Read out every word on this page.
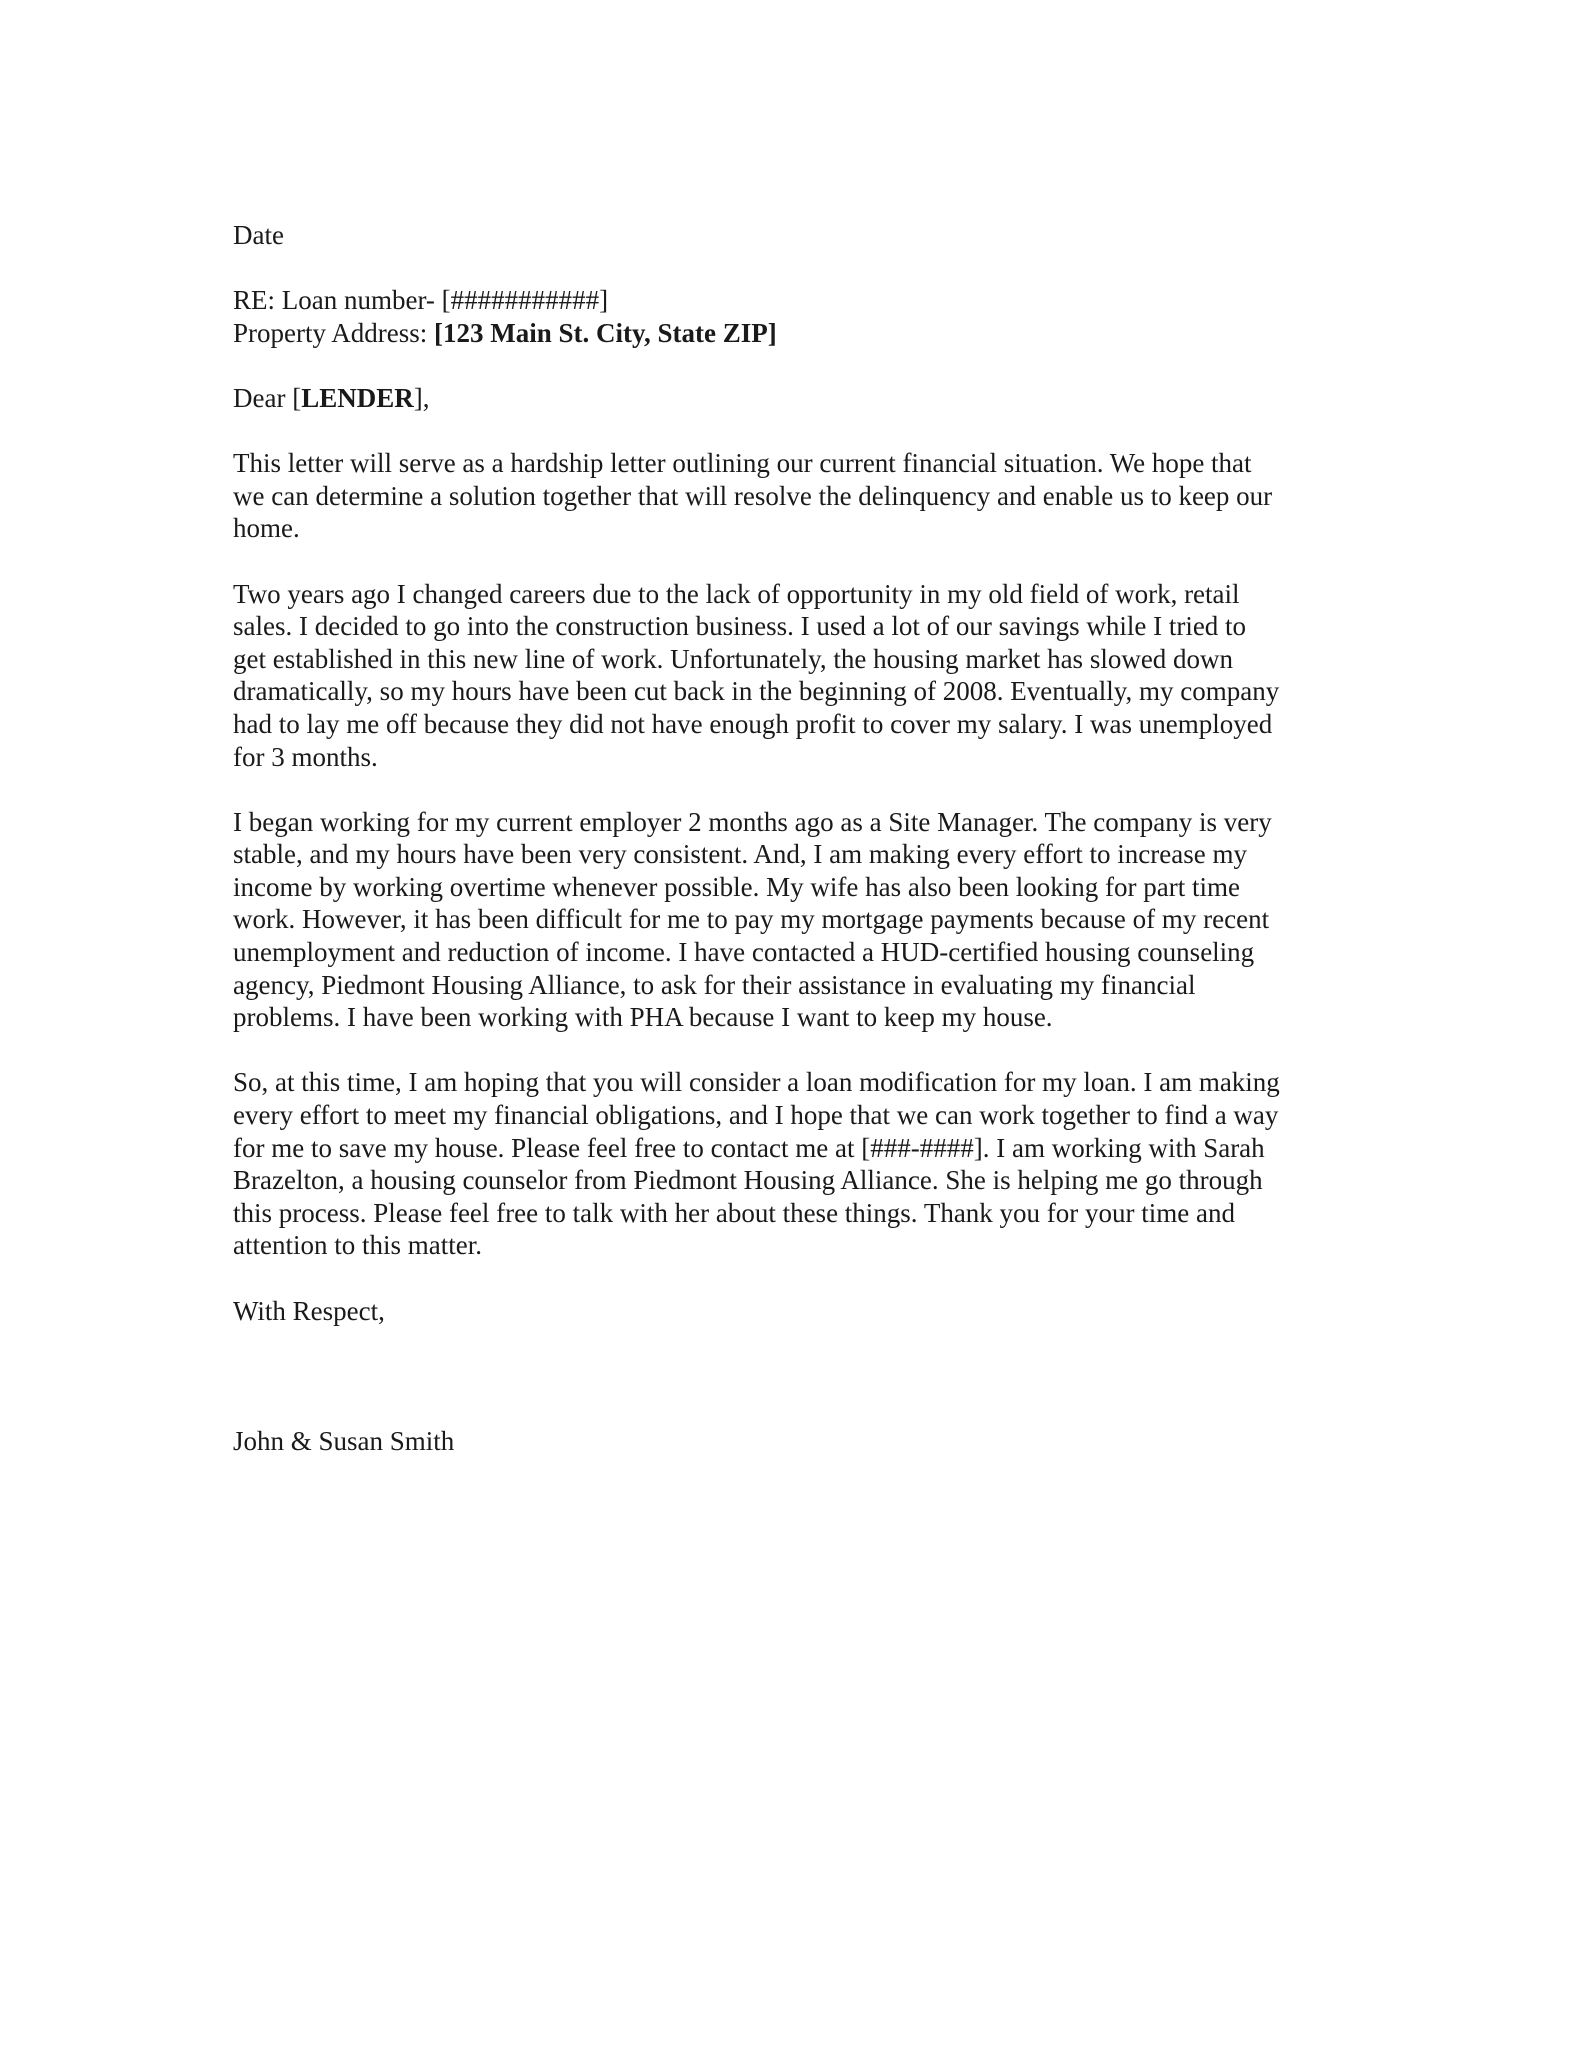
Date
RE: Loan number- [###########]
Property Address: [123 Main St. City, State ZIP]
Dear [LENDER],
This letter will serve as a hardship letter outlining our current financial situation. We hope that
we can determine a solution together that will resolve the delinquency and enable us to keep our
home.
Two years ago I changed careers due to the lack of opportunity in my old field of work, retail
sales. I decided to go into the construction business. I used a lot of our savings while I tried to
get established in this new line of work. Unfortunately, the housing market has slowed down
dramatically, so my hours have been cut back in the beginning of 2008. Eventually, my company
had to lay me off because they did not have enough profit to cover my salary. I was unemployed
for 3 months.
I began working for my current employer 2 months ago as a Site Manager. The company is very
stable, and my hours have been very consistent. And, I am making every effort to increase my
income by working overtime whenever possible. My wife has also been looking for part time
work. However, it has been difficult for me to pay my mortgage payments because of my recent
unemployment and reduction of income. I have contacted a HUD-certified housing counseling
agency, Piedmont Housing Alliance, to ask for their assistance in evaluating my financial
problems. I have been working with PHA because I want to keep my house.
So, at this time, I am hoping that you will consider a loan modification for my loan. I am making
every effort to meet my financial obligations, and I hope that we can work together to find a way
for me to save my house. Please feel free to contact me at [###-####]. I am working with Sarah
Brazelton, a housing counselor from Piedmont Housing Alliance. She is helping me go through
this process. Please feel free to talk with her about these things. Thank you for your time and
attention to this matter.
With Respect,
John & Susan Smith
